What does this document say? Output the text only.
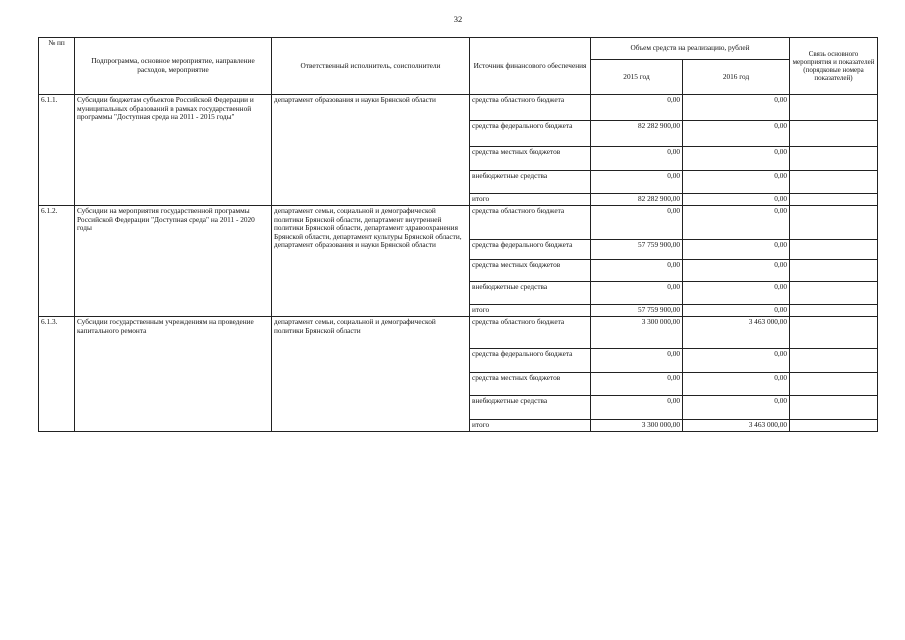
32
№ пп	Подпрограмма, основное мероприятие, направление расходов, мероприятие	Ответственный исполнитель, соисполнители	Источник финансового обеспечения	Объем средств на реализацию, рублей		Связь основного мероприятия и показателей (порядковые номера показателей)
				2015 год	2016 год	
6.1.1.	Субсидии бюджетам субъектов Российской Федерации и муниципальных образований в рамках государственной программы "Доступная среда на 2011 - 2015 годы"	департамент образования и науки Брянской области	средства областного бюджета	0,00	0,00	
			средства федерального бюджета	82 282 900,00	0,00	
			средства местных бюджетов	0,00	0,00	
			внебюджетные средства	0,00	0,00	
			итого	82 282 900,00	0,00	
6.1.2.	Субсидии на мероприятия государственной программы Российской Федерации "Доступная среда" на 2011 - 2020 годы	департамент семьи, социальной и демографической политики Брянской области, департамент внутренней политики Брянской области, департамент здравоохранения Брянской области, департамент культуры Брянской области, департамент образования и науки Брянской области	средства областного бюджета	0,00	0,00	
			средства федерального бюджета	57 759 900,00	0,00	
			средства местных бюджетов	0,00	0,00	
			внебюджетные средства	0,00	0,00	
			итого	57 759 900,00	0,00	
6.1.3.	Субсидии государственным учреждениям на проведение капитального ремонта	департамент семьи, социальной и демографической политики Брянской области	средства областного бюджета	3 300 000,00	3 463 000,00	
			средства федерального бюджета	0,00	0,00	
			средства местных бюджетов	0,00	0,00	
			внебюджетные средства	0,00	0,00	
			итого	3 300 000,00	3 463 000,00	
